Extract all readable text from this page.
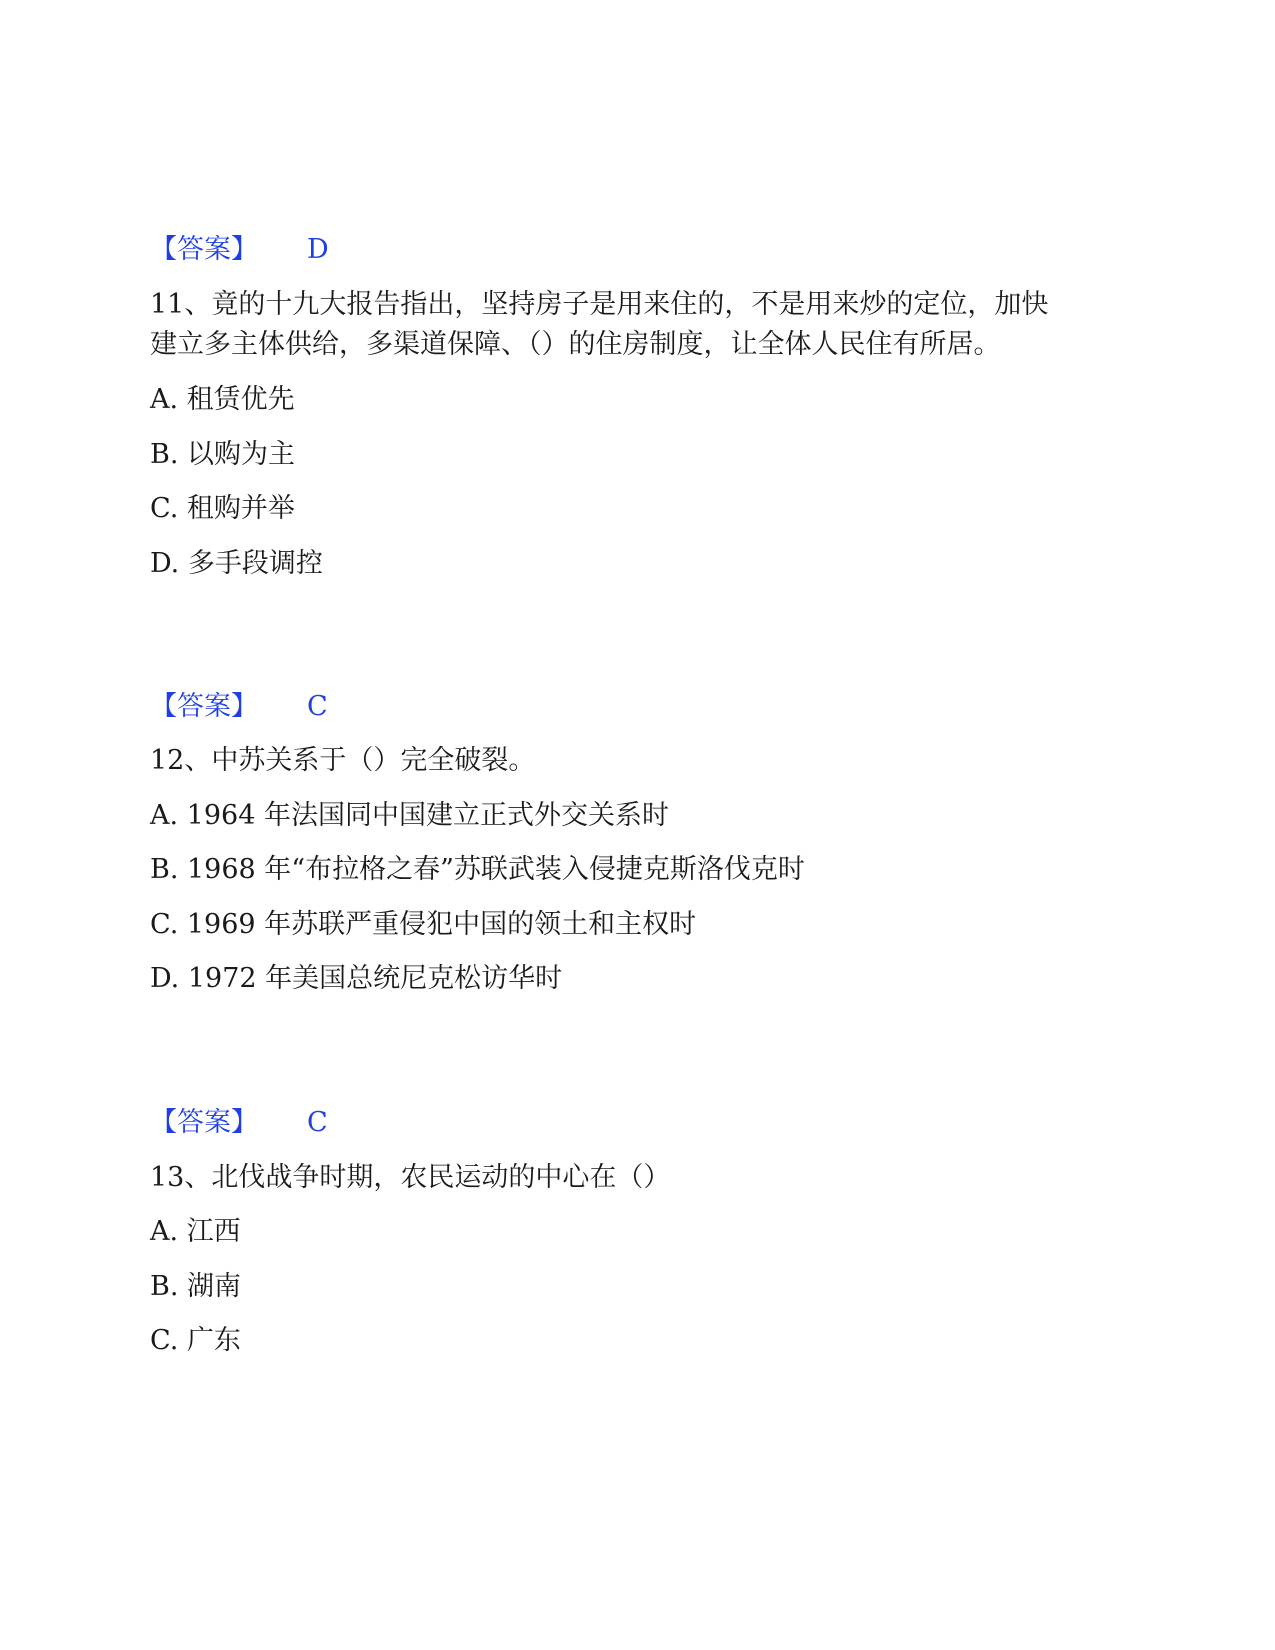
【答案】 D
11、竟的十九大报告指出，坚持房子是用来住的，不是用来炒的定位，加快
建立多主体供给，多渠道保障、（）的住房制度，让全体人民住有所居。
A. 租赁优先
B. 以购为主
C. 租购并举
D. 多手段调控
【答案】 C
12、中苏关系于（）完全破裂。
A. 1964 年法国同中国建立正式外交关系时
B. 1968 年“布拉格之春”苏联武装入侵捷克斯洛伐克时
C. 1969 年苏联严重侵犯中国的领土和主权时
D. 1972 年美国总统尼克松访华时
【答案】 C
13、北伐战争时期，农民运动的中心在（）
A. 江西
B. 湖南
C. 广东
